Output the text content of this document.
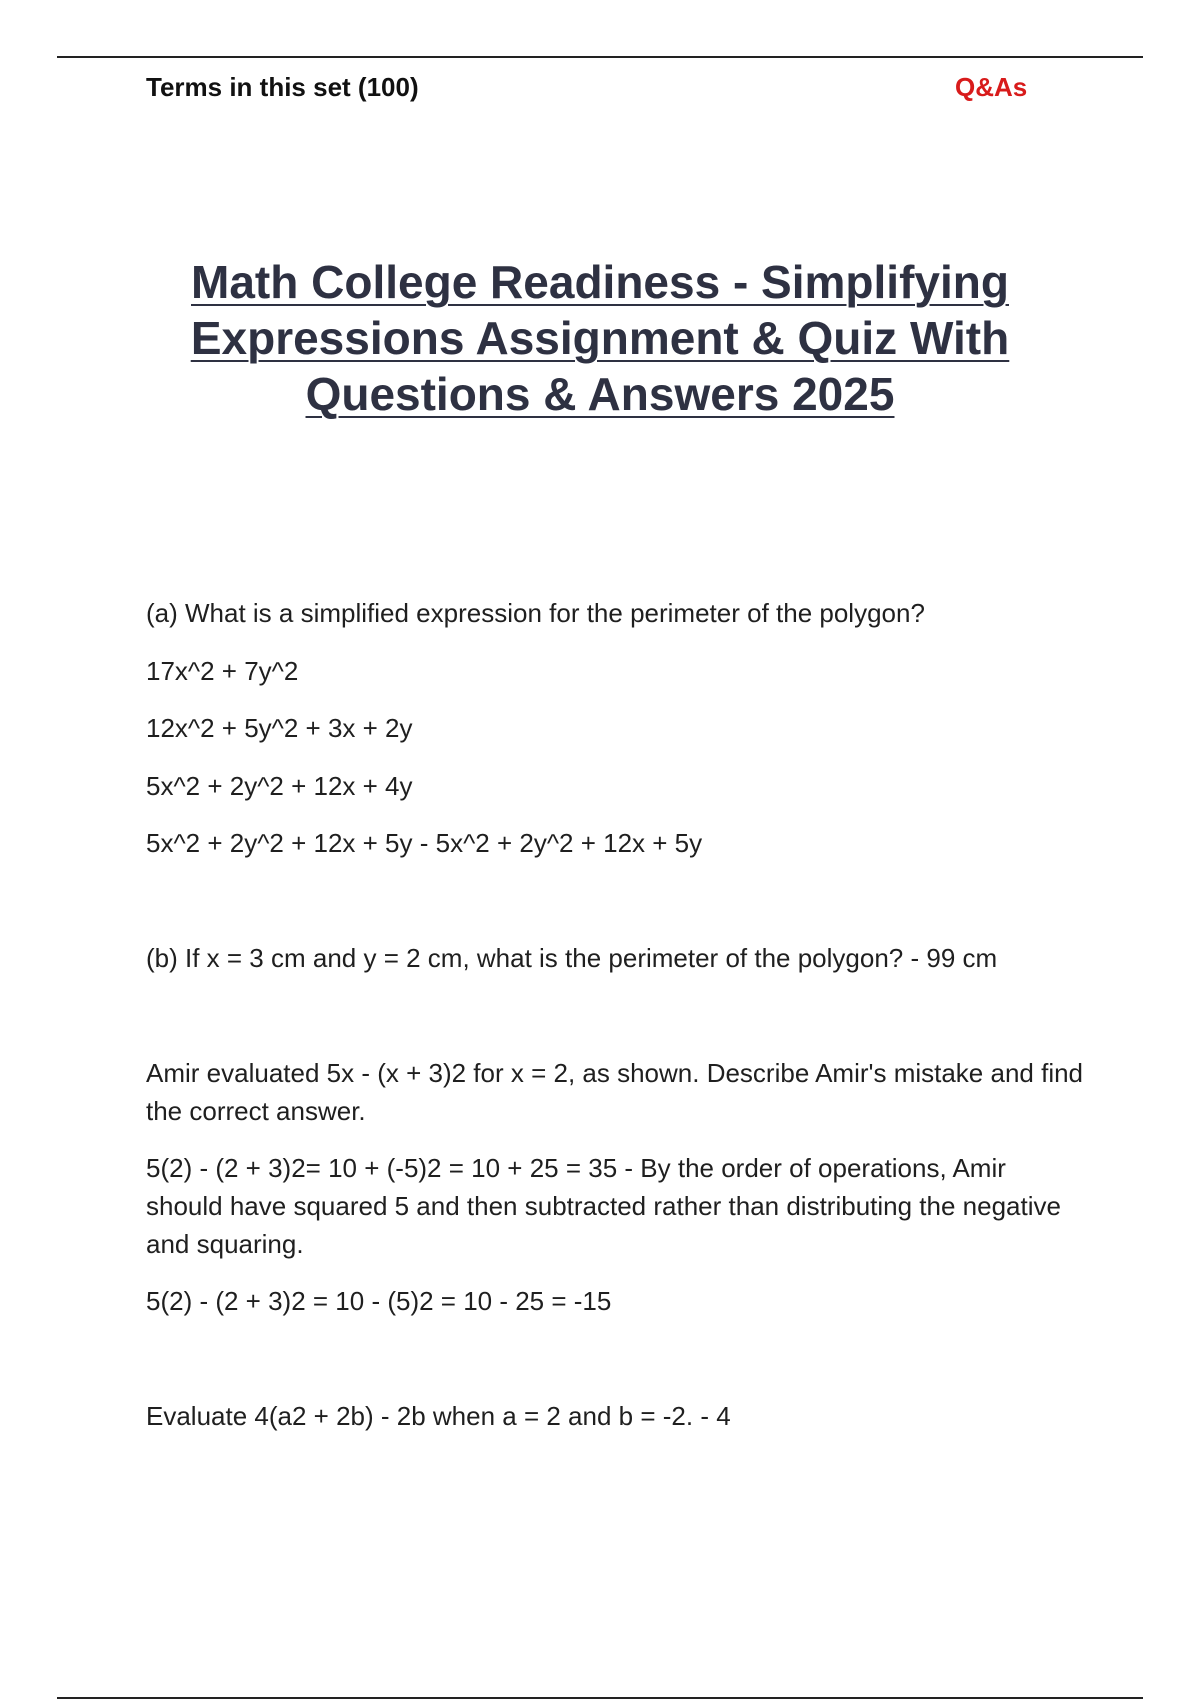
Terms in this set (100)	Q&As
Math College Readiness - Simplifying
Expressions Assignment & Quiz With
Questions & Answers 2025
(a) What is a simplified expression for the perimeter of the polygon?
17x^2 + 7y^2
12x^2 + 5y^2 + 3x + 2y
5x^2 + 2y^2 + 12x + 4y
5x^2 + 2y^2 + 12x + 5y - 5x^2 + 2y^2 + 12x + 5y
(b) If x = 3 cm and y = 2 cm, what is the perimeter of the polygon? - 99 cm
Amir evaluated 5x - (x + 3)2 for x = 2, as shown. Describe Amir's mistake and find the correct answer.
5(2) - (2 + 3)2= 10 + (-5)2 = 10 + 25 = 35 - By the order of operations, Amir should have squared 5 and then subtracted rather than distributing the negative and squaring.
5(2) - (2 + 3)2 = 10 - (5)2 = 10 - 25 = -15
Evaluate 4(a2 + 2b) - 2b when a = 2 and b = -2. - 4
